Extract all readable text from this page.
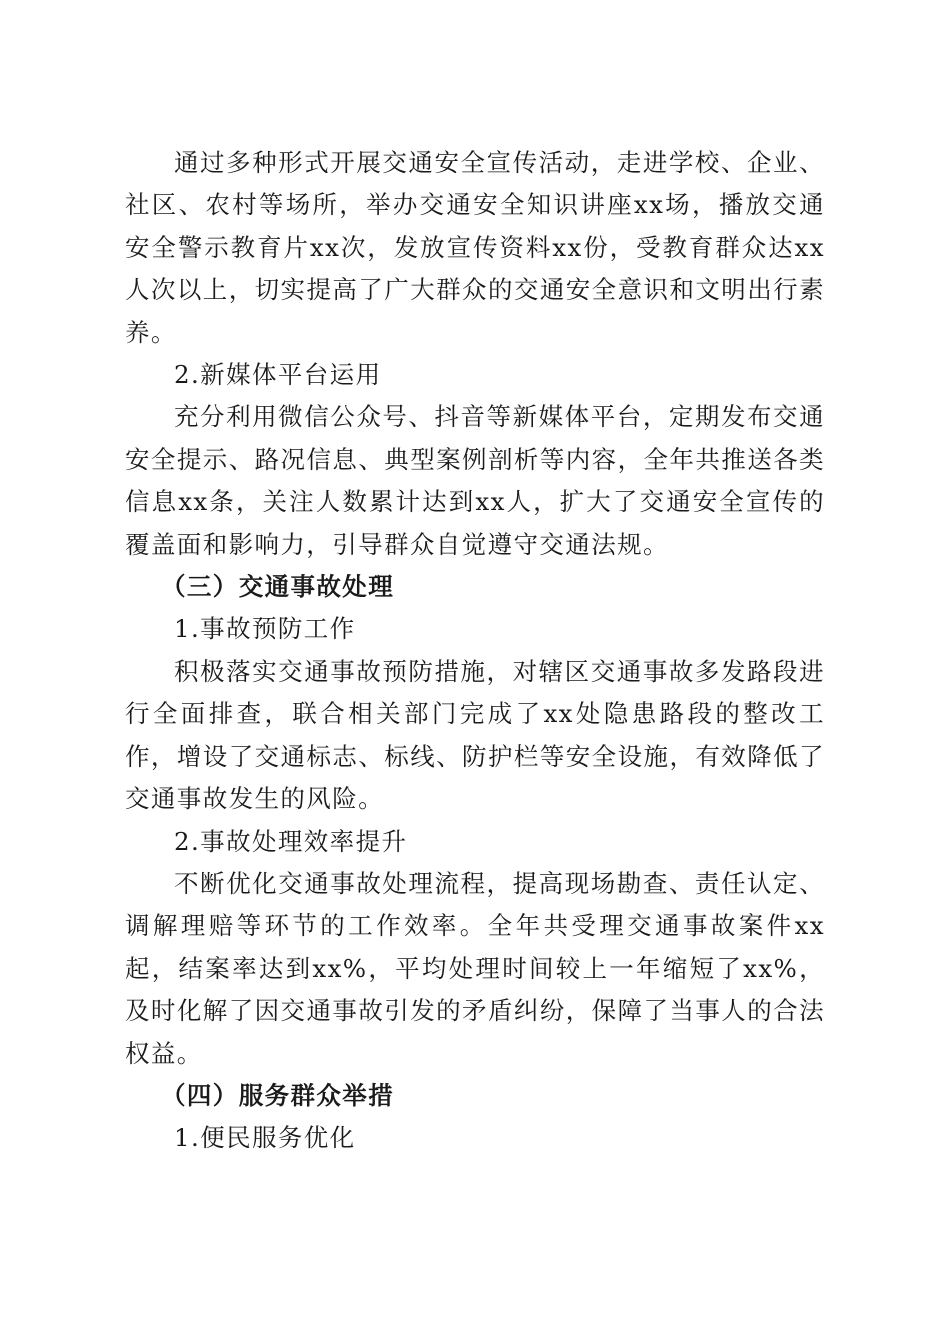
通过多种形式开展交通安全宣传活动，走进学校、企业、社区、农村等场所，举办交通安全知识讲座xx场，播放交通安全警示教育片xx次，发放宣传资料xx份，受教育群众达xx人次以上，切实提高了广大群众的交通安全意识和文明出行素养。

2.新媒体平台运用

充分利用微信公众号、抖音等新媒体平台，定期发布交通安全提示、路况信息、典型案例剖析等内容，全年共推送各类信息xx条，关注人数累计达到xx人，扩大了交通安全宣传的覆盖面和影响力，引导群众自觉遵守交通法规。

（三）交通事故处理

1.事故预防工作

积极落实交通事故预防措施，对辖区交通事故多发路段进行全面排查，联合相关部门完成了xx处隐患路段的整改工作，增设了交通标志、标线、防护栏等安全设施，有效降低了交通事故发生的风险。

2.事故处理效率提升

不断优化交通事故处理流程，提高现场勘查、责任认定、调解理赔等环节的工作效率。全年共受理交通事故案件xx起，结案率达到xx%，平均处理时间较上一年缩短了xx%，及时化解了因交通事故引发的矛盾纠纷，保障了当事人的合法权益。

（四）服务群众举措

1.便民服务优化
